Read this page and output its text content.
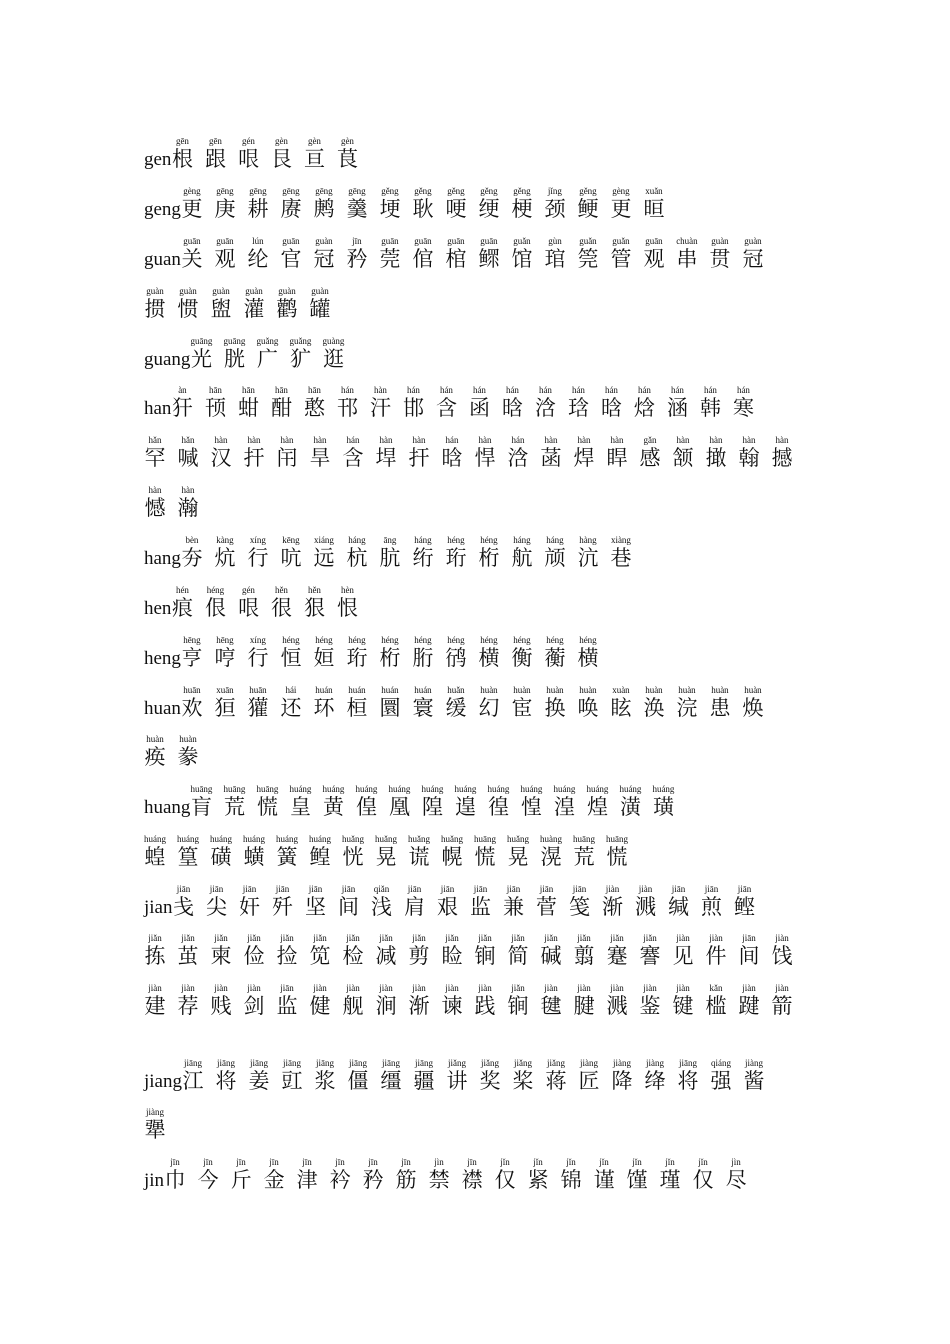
gen
gēn
根
gēn
跟
gén
哏
gèn
艮
gèn
亘
gèn
茛
geng
gèng
更
gēng
庚
gēng
耕
gēng
赓
gēng
鹒
gēng
羹
gěng
埂
gěng
耿
gěng
哽
gěng
绠
gěng
梗
jǐng
颈
gěng
鲠
gèng
更
xuǎn
晅
guan
guān
关
guān
观
lún
纶
guān
官
guàn
冠
jīn
矜
guān
莞
guān
倌
guān
棺
guān
鳏
guǎn
馆
gùn
琯
guǎn
筦
guǎn
管
guān
观
chuàn
串
guàn
贯
guàn
冠
guàn
掼
guàn
惯
guàn
盥
guàn
灌
guàn
鹳
guàn
罐
guang
guāng
光
guāng
胱
guǎng
广
guǎng
犷
guàng
逛
han
àn
犴
hān
顸
hān
蚶
hān
酣
hān
憨
hán
邗
hàn
汗
hán
邯
hán
含
hán
函
hán
晗
hán
浛
hán
琀
hán
晗
hán
焓
hán
涵
hán
韩
hán
寒
hǎn
罕
hǎn
喊
hàn
汉
hàn
扞
hàn
闬
hàn
旱
hán
含
hàn
垾
hàn
扞
hán
晗
hàn
悍
hán
浛
hàn
菡
hàn
焊
hàn
睅
gǎn
感
hàn
颔
hàn
撖
hàn
翰
hàn
撼
hàn
憾
hàn
瀚
hang
bèn
夯
kàng
炕
xíng
行
kēng
吭
xiáng
远
háng
杭
āng
肮
háng
绗
héng
珩
héng
桁
háng
航
háng
颃
hàng
沆
xiàng
巷
hen
hén
痕
héng
佷
gén
哏
hěn
很
hěn
狠
hèn
恨
heng
hēng
亨
hēng
哼
xíng
行
héng
恒
héng
姮
héng
珩
héng
桁
héng
胻
héng
鸻
héng
横
héng
衡
héng
蘅
héng
横
huan
huān
欢
xuān
狟
huān
獾
hái
还
huán
环
huán
桓
huán
圜
huán
寰
huǎn
缓
huàn
幻
huàn
宦
huàn
换
huàn
唤
xuàn
眩
huàn
涣
huàn
浣
huàn
患
huàn
焕
huàn
痪
huàn
豢
huang
huāng
肓
huāng
荒
huāng
慌
huáng
皇
huáng
黄
huáng
偟
huáng
凰
huáng
隍
huáng
遑
huáng
徨
huáng
惶
huáng
湟
huáng
煌
huáng
潢
huáng
璜
huáng
蝗
huáng
篁
huáng
磺
huáng
蟥
huáng
簧
huáng
鳇
huǎng
恍
huǎng
晃
huǎng
谎
huǎng
幌
huāng
慌
huǎng
晃
huàng
滉
huāng
荒
huāng
慌
jian
jiān
戋
jiān
尖
jiān
奸
jiān
歼
jiān
坚
jiān
间
qiǎn
浅
jiān
肩
jiān
艰
jiān
监
jiān
兼
jiān
菅
jiān
笺
jiàn
渐
jiàn
溅
jiān
缄
jiān
煎
jiān
鲣
jiǎn
拣
jiǎn
茧
jiǎn
柬
jiǎn
俭
jiǎn
捡
jiǎn
笕
jiǎn
检
jiǎn
减
jiǎn
剪
jiǎn
睑
jiǎn
锏
jiǎn
简
jiǎn
碱
jiǎn
翦
jiǎn
蹇
jiǎn
謇
jiàn
见
jiàn
件
jiān
间
jiàn
饯
jiàn
建
jiàn
荐
jiàn
贱
jiàn
剑
jiān
监
jiàn
健
jiàn
舰
jiàn
涧
jiàn
渐
jiàn
谏
jiàn
践
jiǎn
锏
jiàn
毽
jiàn
腱
jiàn
溅
jiàn
鉴
jiàn
键
kǎn
槛
jiàn
踺
jiàn
箭
jiang
jiāng
江
jiāng
将
jiāng
姜
jiāng
豇
jiāng
浆
jiāng
僵
jiāng
缰
jiāng
疆
jiǎng
讲
jiǎng
奖
jiǎng
桨
jiǎng
蒋
jiàng
匠
jiàng
降
jiàng
绛
jiāng
将
qiáng
强
jiàng
酱
jiàng
犟
jin
jīn
巾
jīn
今
jīn
斤
jīn
金
jīn
津
jīn
衿
jīn
矜
jīn
筋
jìn
禁
jīn
襟
jǐn
仅
jǐn
紧
jǐn
锦
jǐn
谨
jǐn
馑
jǐn
瑾
jǐn
仅
jìn
尽
